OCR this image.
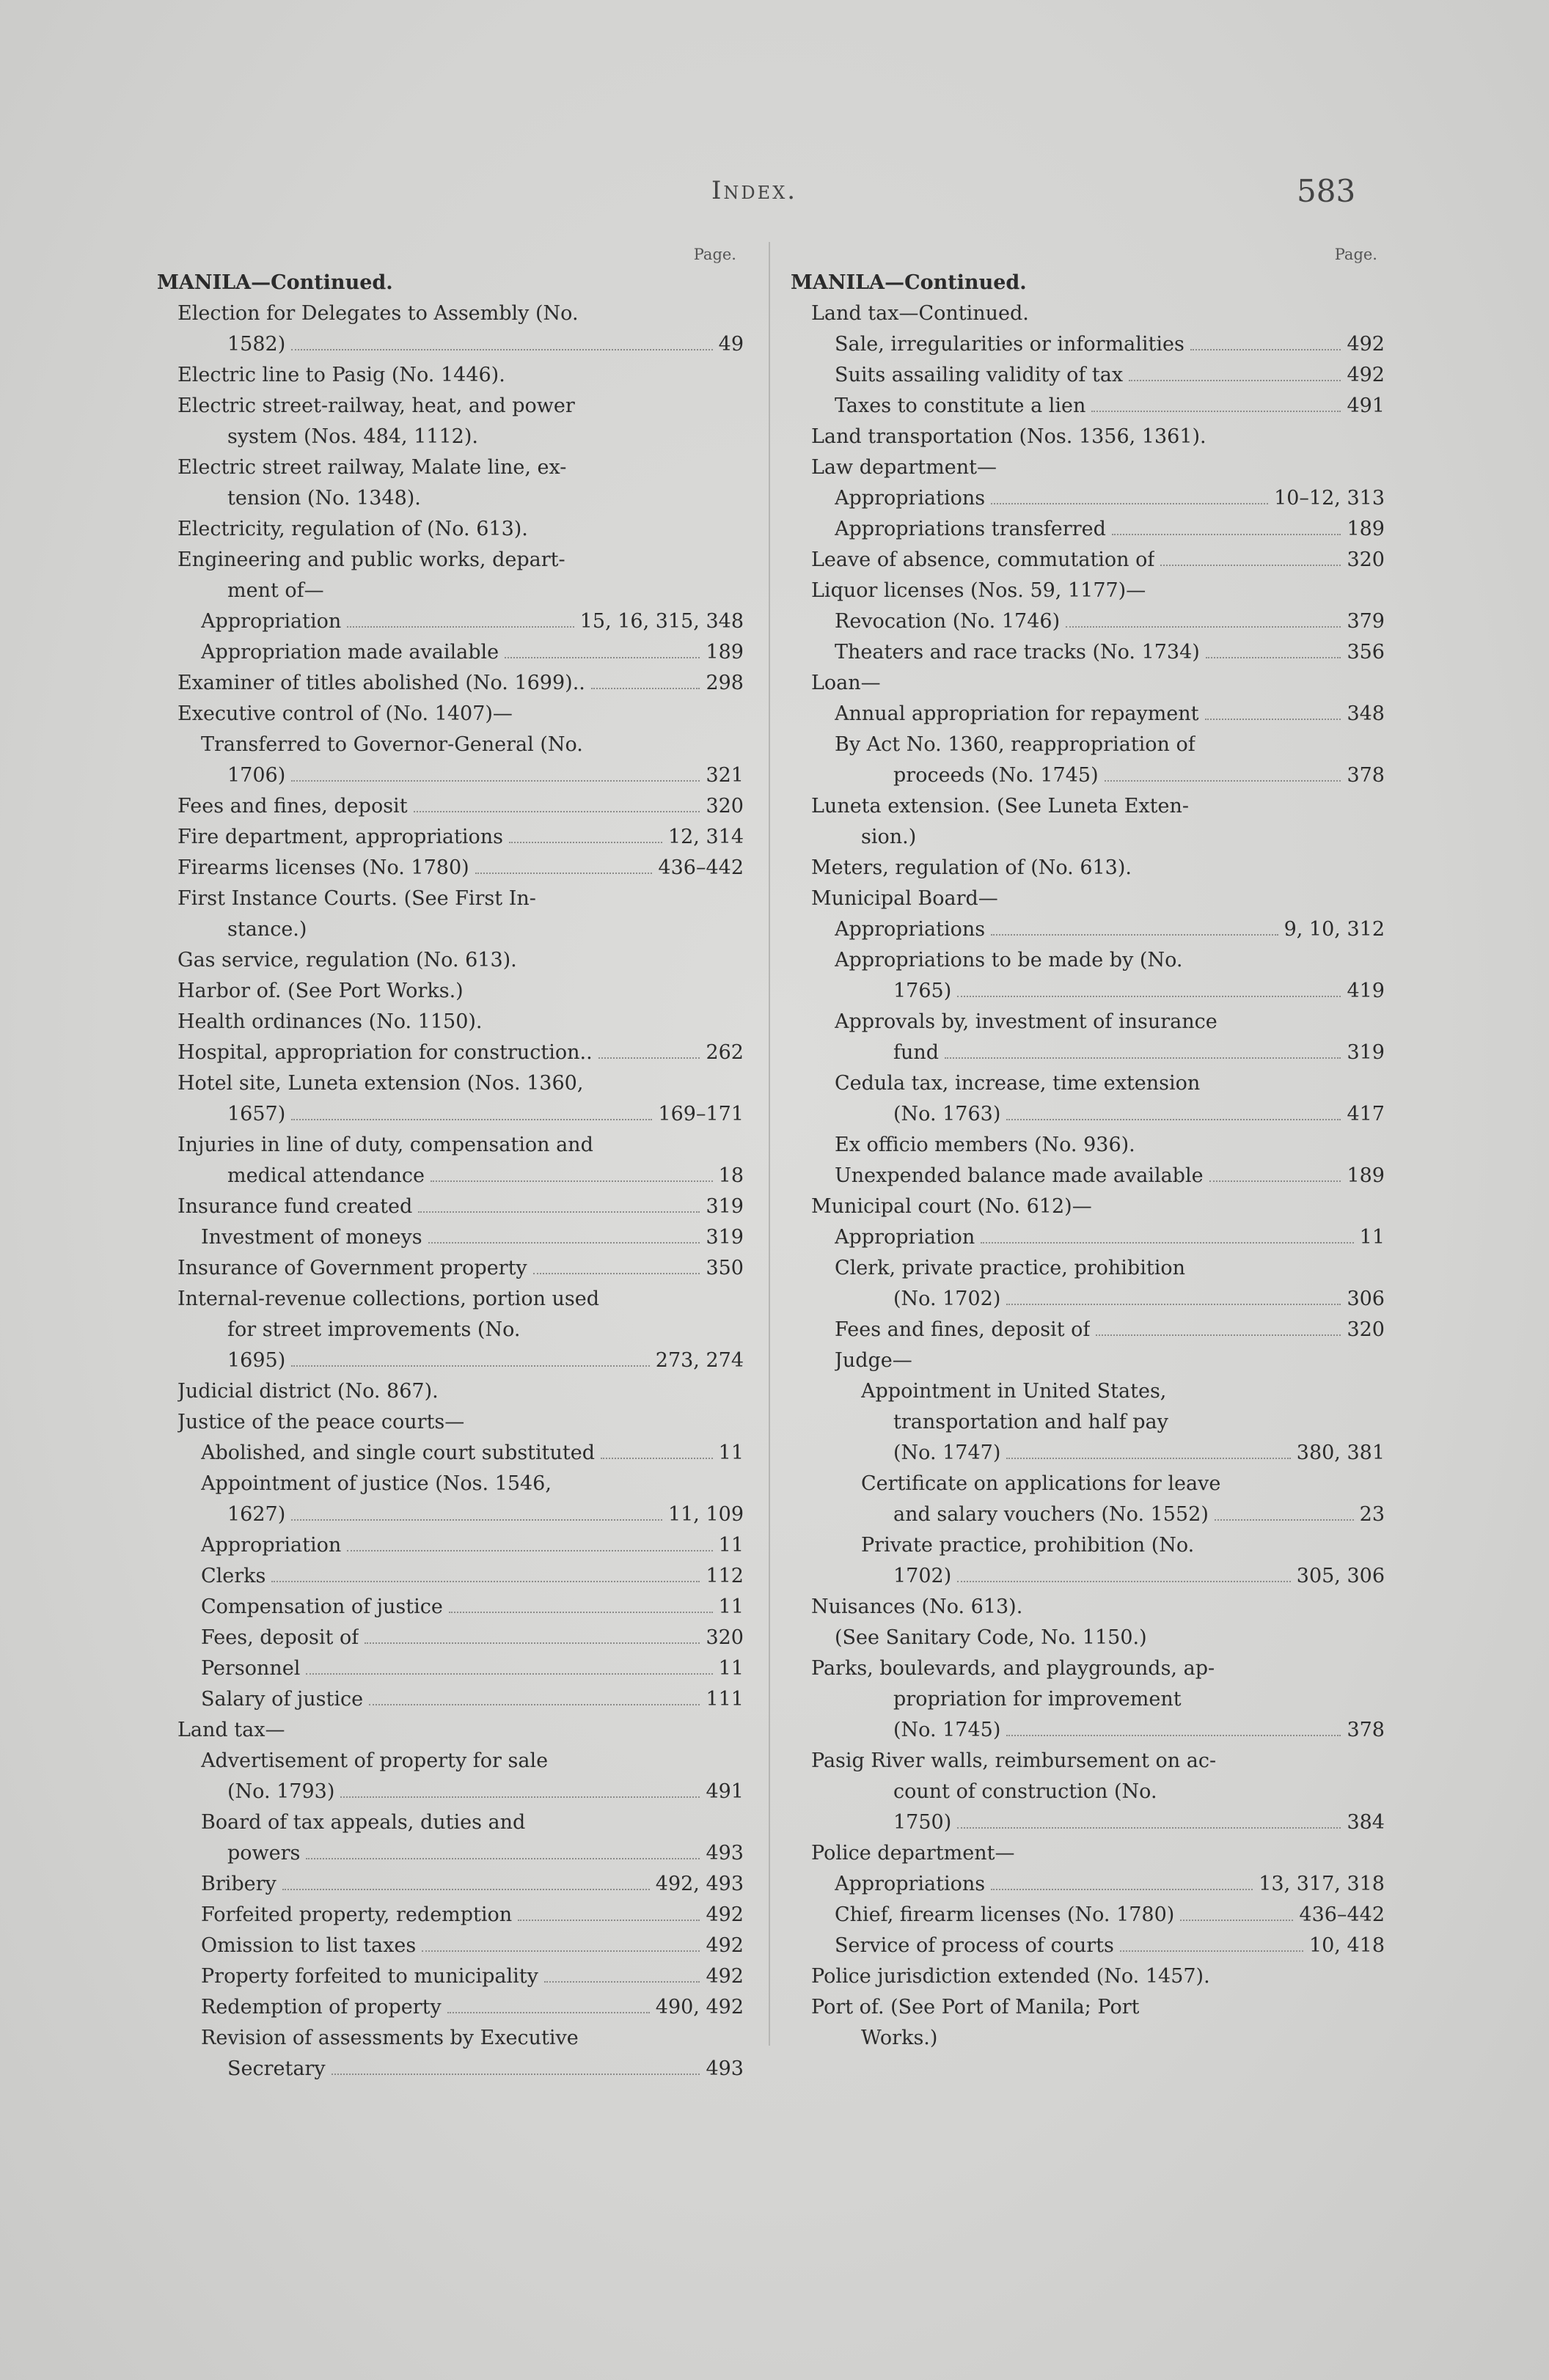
Index.	583
Page.
MANILA—Continued.
Election for Delegates to Assembly (No.
1582)	49
Electric line to Pasig (No. 1446).
Electric street-railway, heat, and power
system (Nos. 484, 1112).
Electric street railway, Malate line, ex-
tension (No. 1348).
Electricity, regulation of (No. 613).
Engineering and public works, depart-
ment of—
Appropriation	15, 16, 315, 348
Appropriation made available	189
Examiner of titles abolished (No. 1699)..	298
Executive control of (No. 1407)—
Transferred to Governor-General (No.
1706)	321
Fees and fines, deposit	320
Fire department, appropriations	12, 314
Firearms licenses (No. 1780)	436–442
First Instance Courts. (See First In-
stance.)
Gas service, regulation (No. 613).
Harbor of. (See Port Works.)
Health ordinances (No. 1150).
Hospital, appropriation for construction..	262
Hotel site, Luneta extension (Nos. 1360,
1657)	169–171
Injuries in line of duty, compensation and
medical attendance	18
Insurance fund created	319
Investment of moneys	319
Insurance of Government property	350
Internal-revenue collections, portion used
for street improvements (No.
1695)	273, 274
Judicial district (No. 867).
Justice of the peace courts—
Abolished, and single court substituted	11
Appointment of justice (Nos. 1546,
1627)	11, 109
Appropriation	11
Clerks	112
Compensation of justice	11
Fees, deposit of	320
Personnel	11
Salary of justice	111
Land tax—
Advertisement of property for sale
(No. 1793)	491
Board of tax appeals, duties and
powers	493
Bribery	492, 493
Forfeited property, redemption	492
Omission to list taxes	492
Property forfeited to municipality	492
Redemption of property	490, 492
Revision of assessments by Executive
Secretary	493
Page.
MANILA—Continued.
Land tax—Continued.
Sale, irregularities or informalities	492
Suits assailing validity of tax	492
Taxes to constitute a lien	491
Land transportation (Nos. 1356, 1361).
Law department—
Appropriations	10–12, 313
Appropriations transferred	189
Leave of absence, commutation of	320
Liquor licenses (Nos. 59, 1177)—
Revocation (No. 1746)	379
Theaters and race tracks (No. 1734)	356
Loan—
Annual appropriation for repayment	348
By Act No. 1360, reappropriation of
proceeds (No. 1745)	378
Luneta extension. (See Luneta Exten-
sion.)
Meters, regulation of (No. 613).
Municipal Board—
Appropriations	9, 10, 312
Appropriations to be made by (No.
1765)	419
Approvals by, investment of insurance
fund	319
Cedula tax, increase, time extension
(No. 1763)	417
Ex officio members (No. 936).
Unexpended balance made available	189
Municipal court (No. 612)—
Appropriation	11
Clerk, private practice, prohibition
(No. 1702)	306
Fees and fines, deposit of	320
Judge—
Appointment in United States,
transportation and half pay
(No. 1747)	380, 381
Certificate on applications for leave
and salary vouchers (No. 1552)	23
Private practice, prohibition (No.
1702)	305, 306
Nuisances (No. 613).
(See Sanitary Code, No. 1150.)
Parks, boulevards, and playgrounds, ap-
propriation for improvement
(No. 1745)	378
Pasig River walls, reimbursement on ac-
count of construction (No.
1750)	384
Police department—
Appropriations	13, 317, 318
Chief, firearm licenses (No. 1780)	436–442
Service of process of courts	10, 418
Police jurisdiction extended (No. 1457).
Port of. (See Port of Manila; Port
Works.)
